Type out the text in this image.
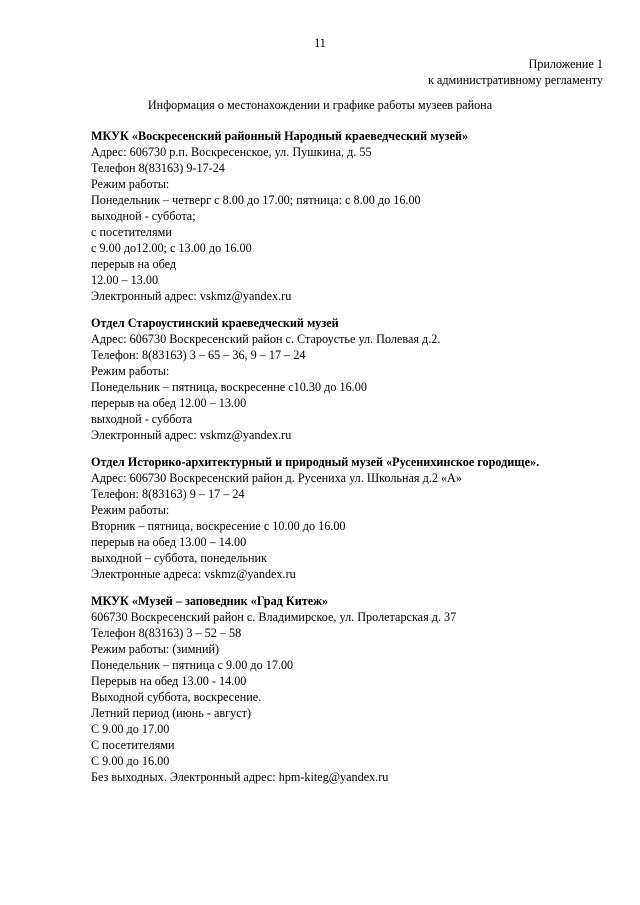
11
Приложение 1
к административному регламенту
Информация о местонахождении и графике работы музеев района
МКУК «Воскресенский районный Народный краеведческий музей»
Адрес: 606730 р.п. Воскресенское, ул. Пушкина, д. 55
Телефон 8(83163) 9-17-24
Режим работы:
Понедельник – четверг с 8.00 до 17.00; пятница: с 8.00 до 16.00
выходной - суббота;
с посетителями
с 9.00 до12.00; с 13.00 до 16.00
перерыв на обед
12.00 – 13.00
Электронный адрес: vskmz@yandex.ru
Отдел Староустинский краеведческий музей
Адрес: 606730 Воскресенский район с. Староустье ул. Полевая д.2.
Телефон: 8(83163) 3 – 65 – 36, 9 – 17 – 24
Режим работы:
Понедельник – пятница, воскресенне с10.30 до 16.00
перерыв на обед 12.00 – 13.00
выходной - суббота
Электронный адрес: vskmz@yandex.ru
Отдел Историко-архитектурный и природный музей «Русенихинское городище».
Адрес: 606730 Воскресенский район д. Русениха ул. Школьная д.2 «А»
Телефон: 8(83163) 9 – 17 – 24
Режим работы:
Вторник – пятница, воскресение с 10.00 до 16.00
перерыв на обед 13.00 – 14.00
выходной – суббота, понедельник
Электронные адреса: vskmz@yandex.ru
МКУК «Музей – заповедник «Град Китеж»
606730 Воскресенский район с. Владимирское, ул. Пролетарская д. 37
Телефон 8(83163) 3 – 52 – 58
Режим работы: (зимний)
Понедельник – пятница с 9.00 до 17.00
Перерыв на обед 13.00 - 14.00
Выходной суббота, воскресение.
Летний период (июнь - август)
С 9.00 до 17.00
С посетителями
С 9.00 до 16.00
Без выходных. Электронный адрес: hpm-kiteg@yandex.ru
